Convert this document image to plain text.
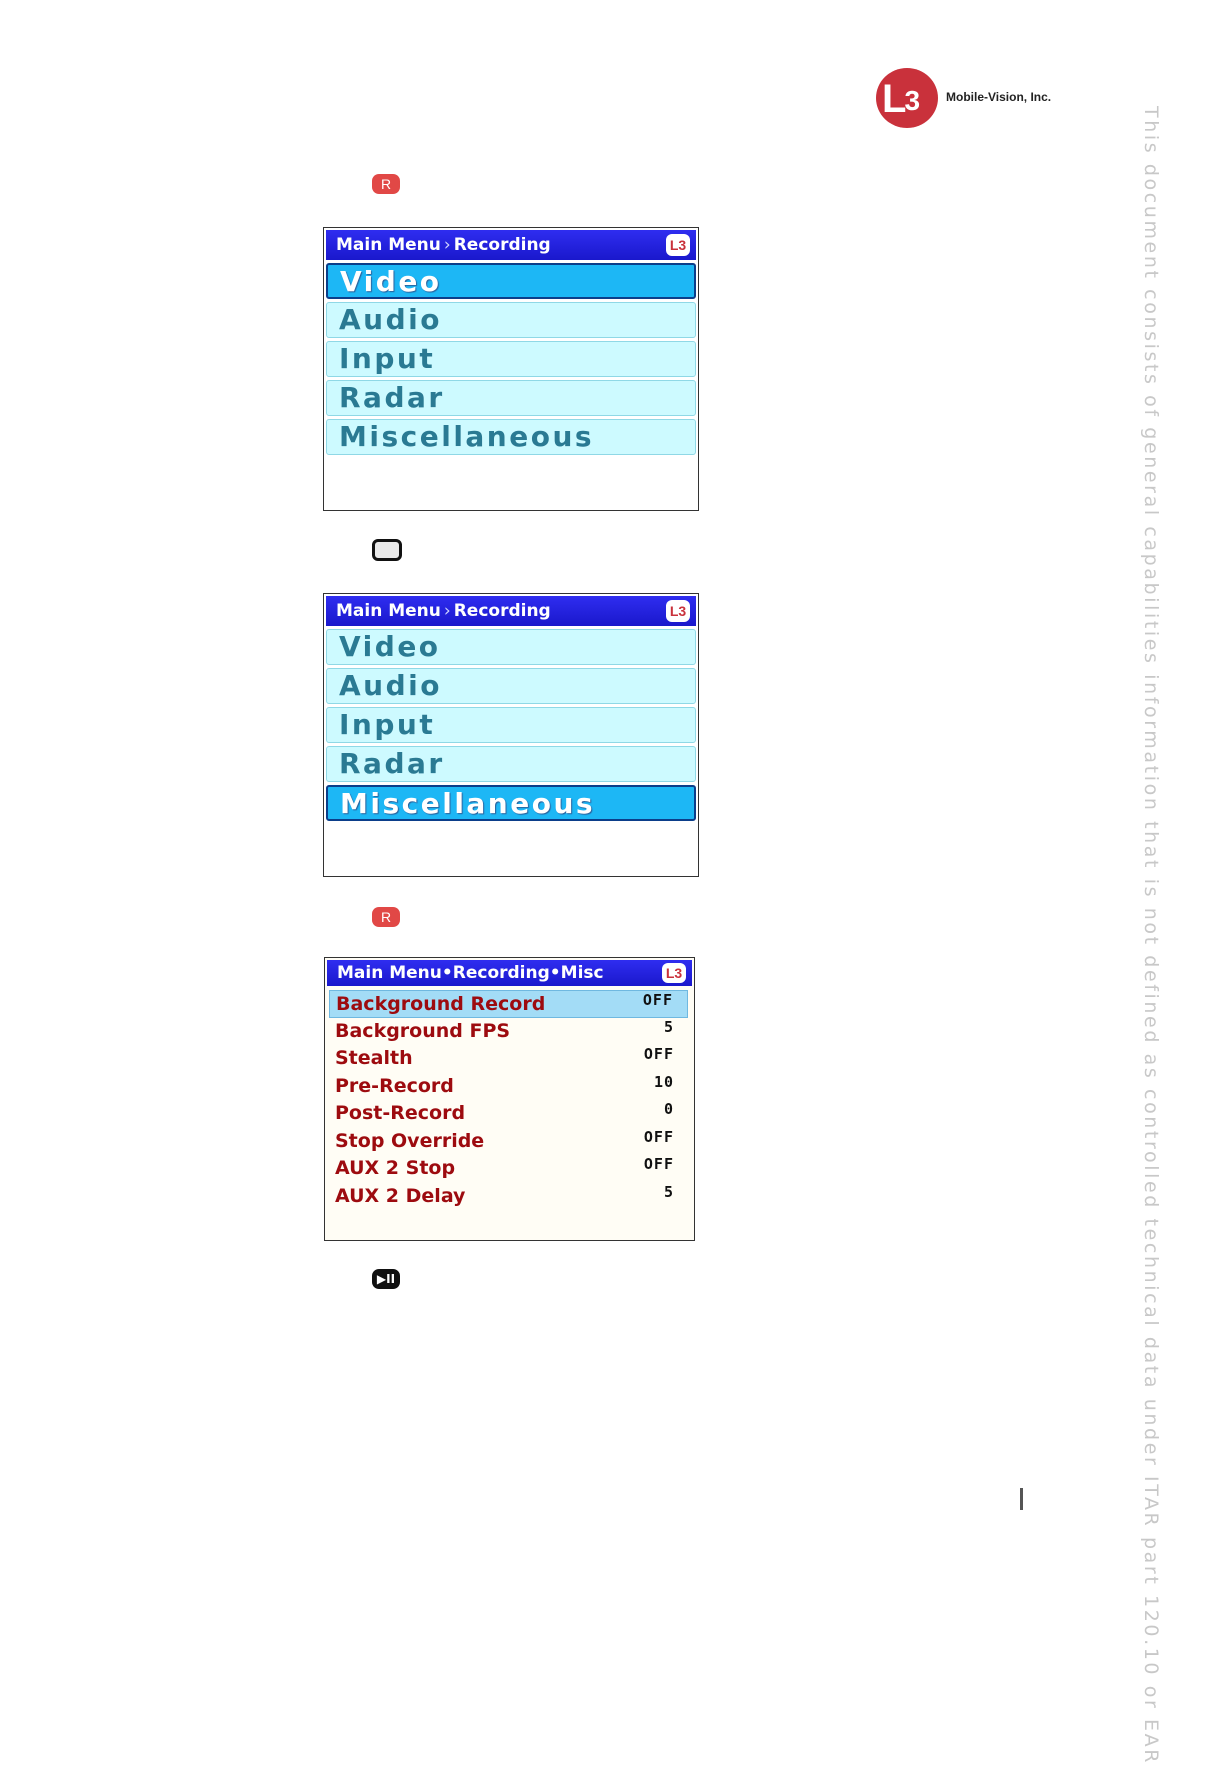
L $_3$	Mobile-Vision, Inc.
This document consists of general capabilities information that is not defined as controlled technical data under ITAR part 120.10 or EAR
R
Main Menu › Recording	L3
Video
Audio
Input
Radar
Miscellaneous
Main Menu › Recording	L3
Video
Audio
Input
Radar
Miscellaneous
R
Main Menu•Recording•Misc	L3
Background Record	OFF
Background FPS	5
Stealth	OFF
Pre-Record	10
Post-Record	0
Stop Override	OFF
AUX 2 Stop	OFF
AUX 2 Delay	5
▶II
